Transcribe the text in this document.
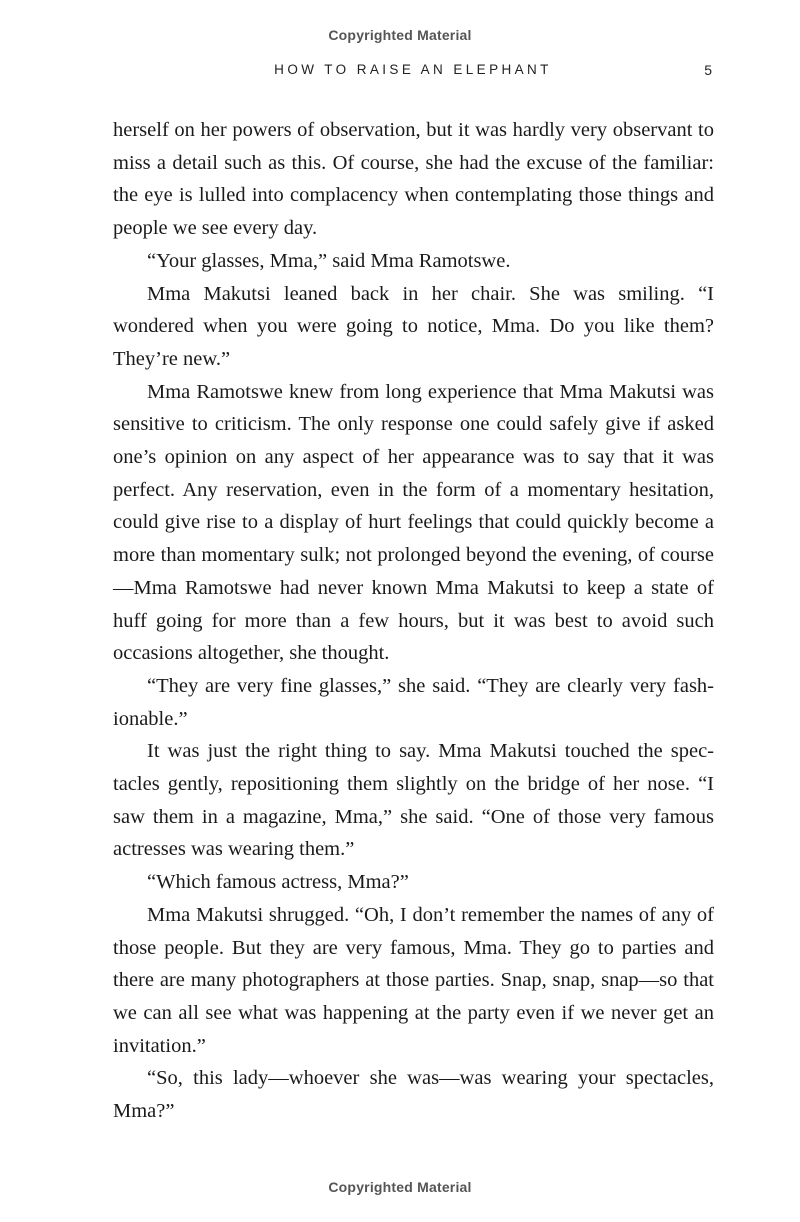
Copyrighted Material
HOW TO RAISE AN ELEPHANT	5

herself on her powers of observation, but it was hardly very observant to miss a detail such as this. Of course, she had the excuse of the familiar: the eye is lulled into complacency when contemplating those things and people we see every day.

“Your glasses, Mma,” said Mma Ramotswe.

Mma Makutsi leaned back in her chair. She was smiling. “I wondered when you were going to notice, Mma. Do you like them? They’re new.”

Mma Ramotswe knew from long experience that Mma Makutsi was sensitive to criticism. The only response one could safely give if asked one’s opinion on any aspect of her appearance was to say that it was perfect. Any reservation, even in the form of a momentary hesitation, could give rise to a display of hurt feelings that could quickly become a more than momentary sulk; not prolonged beyond the evening, of course—Mma Ramotswe had never known Mma Makutsi to keep a state of huff going for more than a few hours, but it was best to avoid such occasions altogether, she thought.

“They are very fine glasses,” she said. “They are clearly very fashionable.”

It was just the right thing to say. Mma Makutsi touched the spectacles gently, repositioning them slightly on the bridge of her nose. “I saw them in a magazine, Mma,” she said. “One of those very famous actresses was wearing them.”

“Which famous actress, Mma?”

Mma Makutsi shrugged. “Oh, I don’t remember the names of any of those people. But they are very famous, Mma. They go to parties and there are many photographers at those parties. Snap, snap, snap—so that we can all see what was happening at the party even if we never get an invitation.”

“So, this lady—whoever she was—was wearing your spectacles, Mma?”

Copyrighted Material
